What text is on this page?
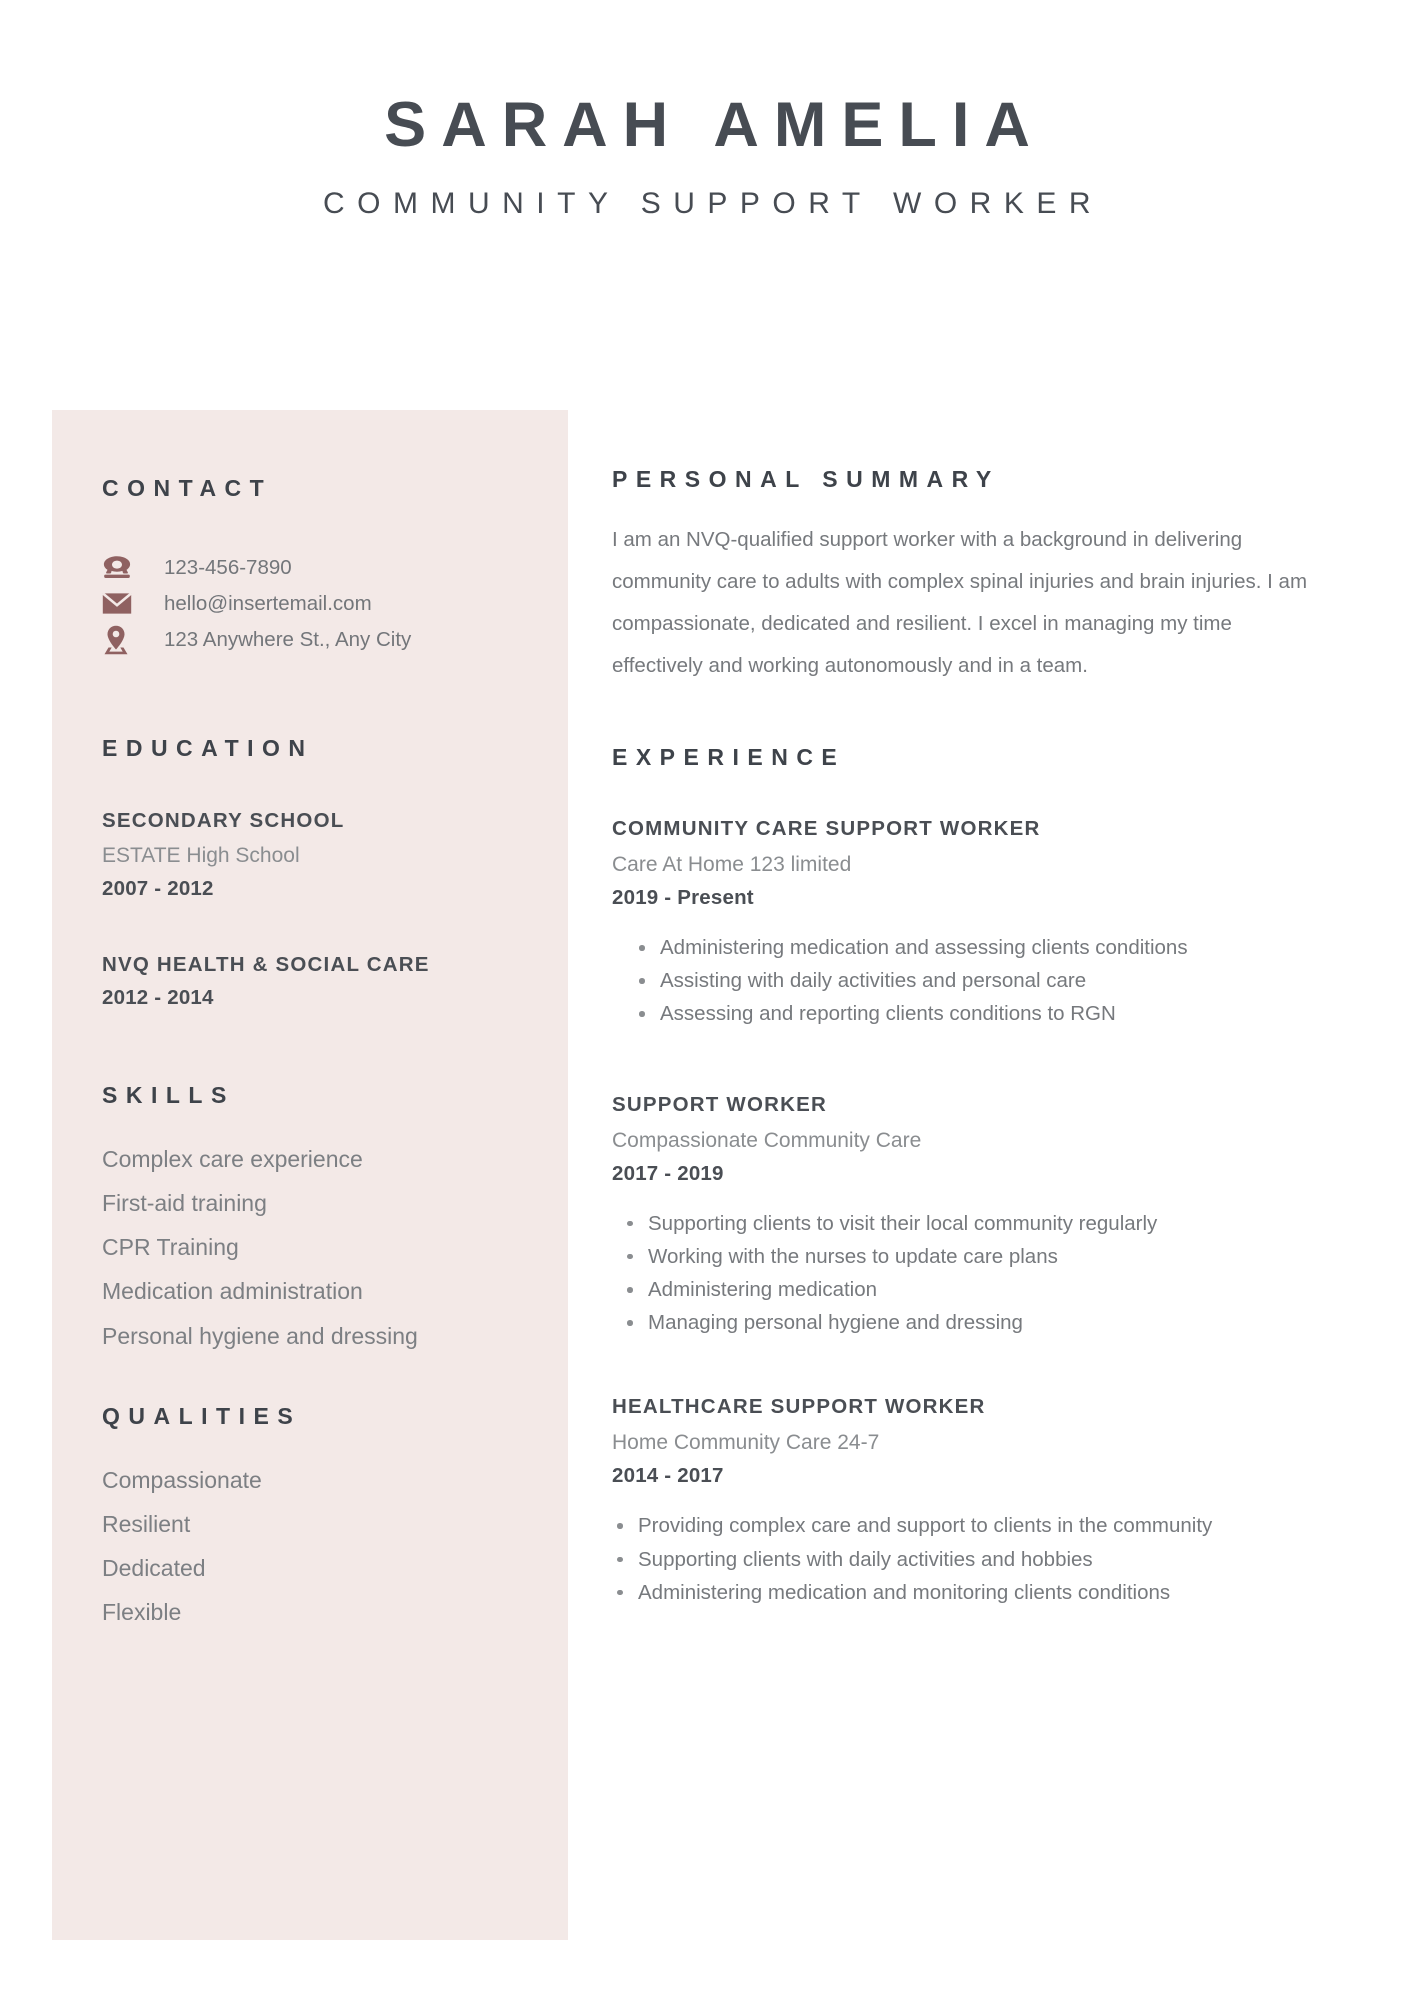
SARAH AMELIA
COMMUNITY SUPPORT WORKER
CONTACT
123-456-7890
hello@insertemail.com
123 Anywhere St., Any City
EDUCATION
SECONDARY SCHOOL
ESTATE High School
2007 - 2012
NVQ HEALTH & SOCIAL CARE
2012 - 2014
SKILLS
Complex care experience
First-aid training
CPR Training
Medication administration
Personal hygiene and dressing
QUALITIES
Compassionate
Resilient
Dedicated
Flexible
PERSONAL SUMMARY
I am an NVQ-qualified support worker with a background in delivering community care to adults with complex spinal injuries and brain injuries. I am compassionate, dedicated and resilient. I excel in managing my time effectively and working autonomously and in a team.
EXPERIENCE
COMMUNITY CARE SUPPORT WORKER
Care At Home 123 limited
2019 - Present
Administering medication and assessing clients conditions
Assisting with daily activities and personal care
Assessing and reporting clients conditions to RGN
SUPPORT WORKER
Compassionate Community Care
2017 - 2019
Supporting clients to visit their local community regularly
Working with the nurses to update care plans
Administering medication
Managing personal hygiene and dressing
HEALTHCARE SUPPORT WORKER
Home Community Care 24-7
2014 - 2017
Providing complex care and support to clients in the community
Supporting clients with daily activities and hobbies
Administering medication and monitoring clients conditions
